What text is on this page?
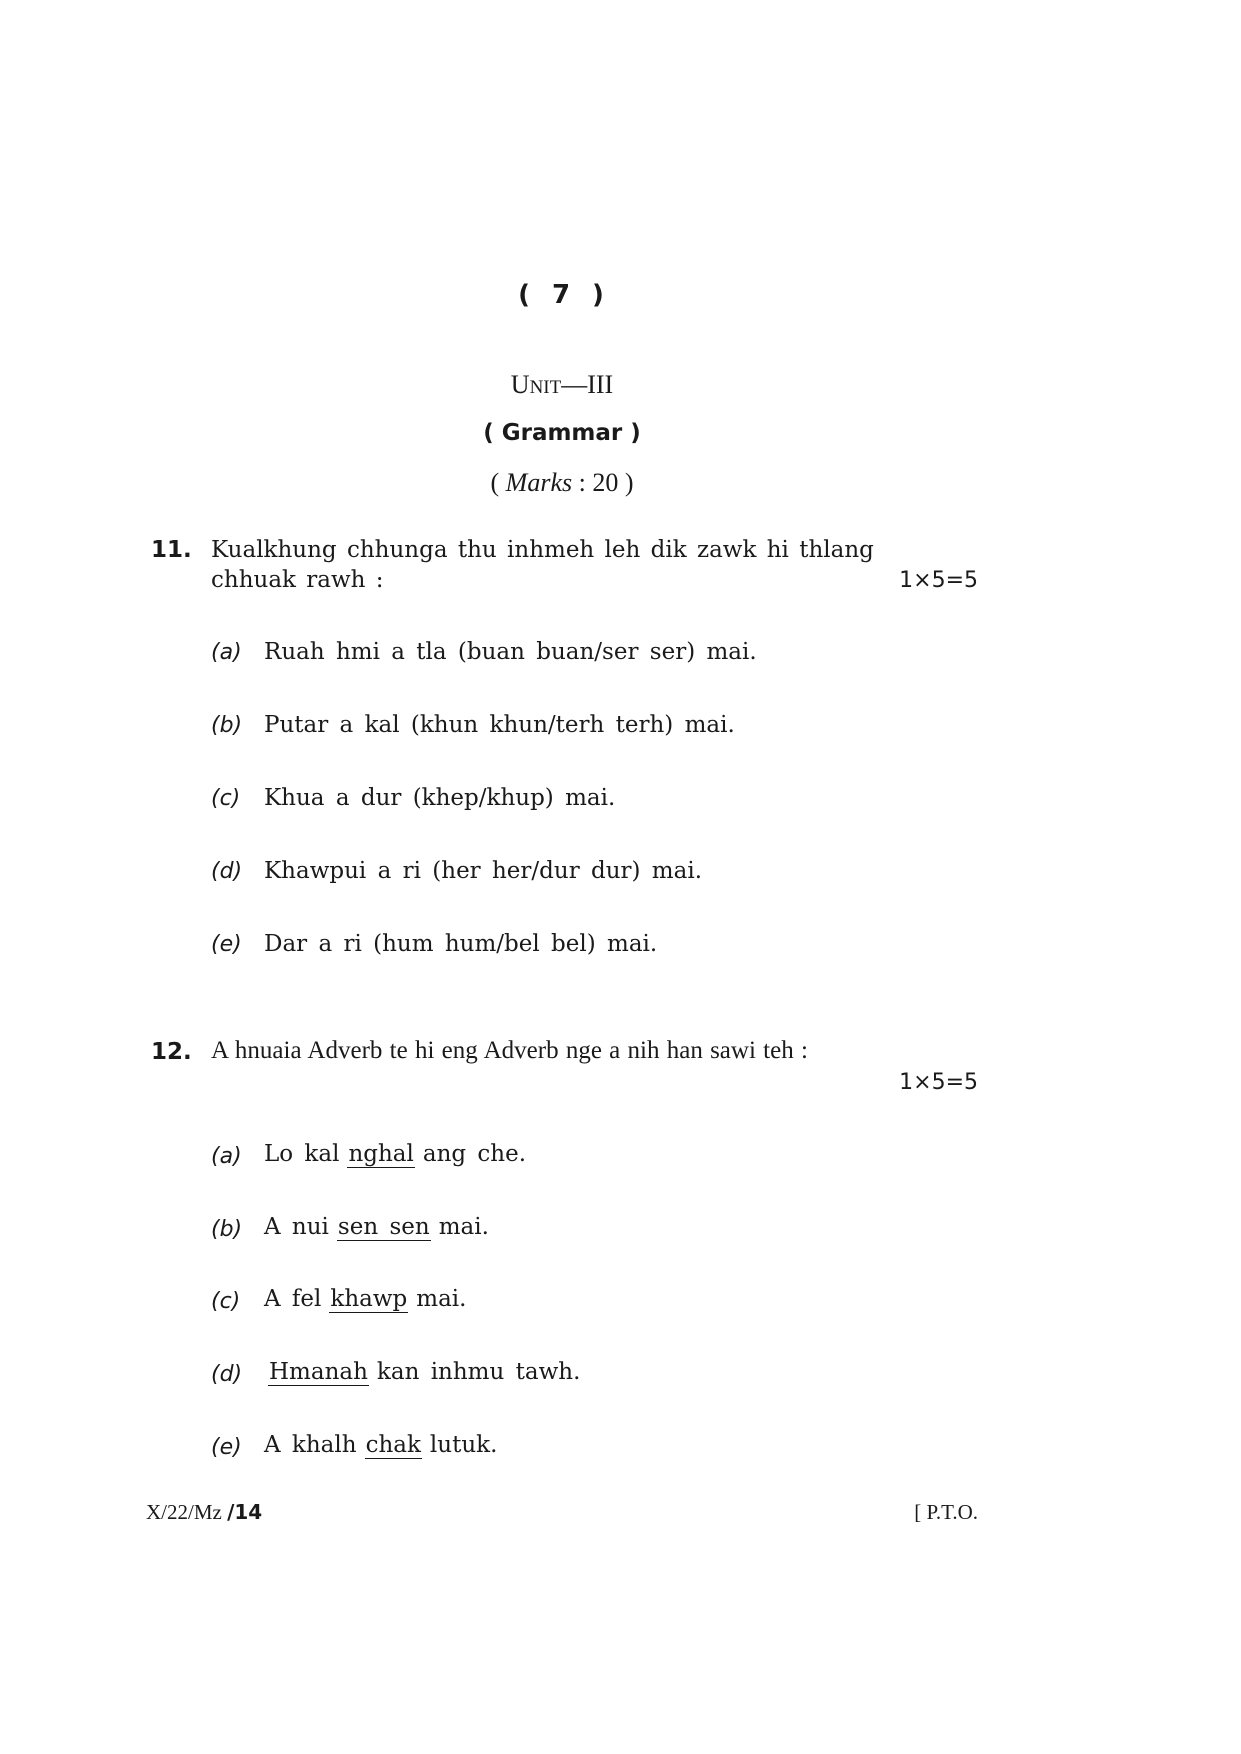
( 7 )
UNIT—III
( Grammar )
( Marks : 20 )
11. Kualkhung chhunga thu inhmeh leh dik zawk hi thlang
chhuak rawh :	1×5=5
(a) Ruah hmi a tla (buan buan/ser ser) mai.
(b) Putar a kal (khun khun/terh terh) mai.
(c) Khua a dur (khep/khup) mai.
(d) Khawpui a ri (her her/dur dur) mai.
(e) Dar a ri (hum hum/bel bel) mai.
12. A hnuaia Adverb te hi eng Adverb nge a nih han sawi teh :
1×5=5
(a) Lo kal nghal ang che.
(b) A nui sen sen mai.
(c) A fel khawp mai.
(d)	Hmanah kan inhmu tawh.
(e) A khalh chak lutuk.
X/22/Mz /14	[ P.T.O.
